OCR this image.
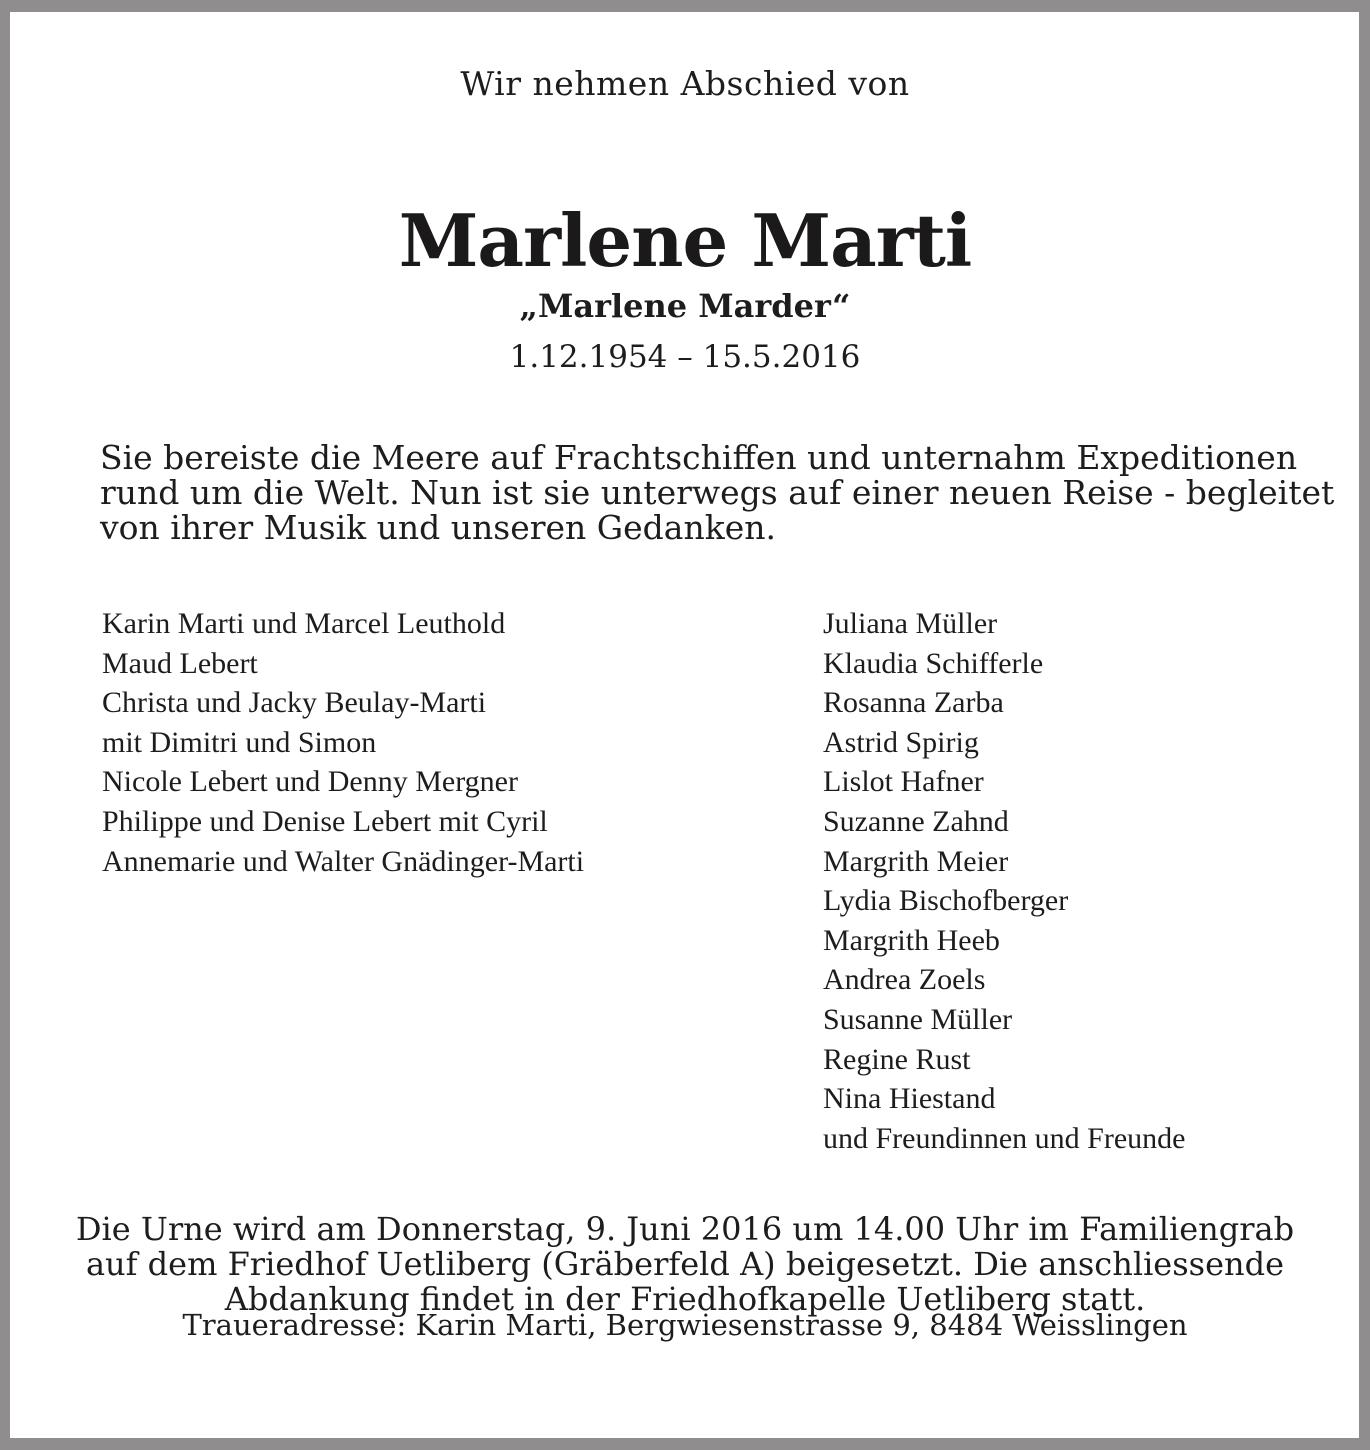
Wir nehmen Abschied von
Marlene Marti
„Marlene Marder“
1.12.1954 – 15.5.2016

Sie bereiste die Meere auf Frachtschiffen und unternahm Expeditionen
rund um die Welt. Nun ist sie unterwegs auf einer neuen Reise - begleitet
von ihrer Musik und unseren Gedanken.

Karin Marti und Marcel Leuthold
Maud Lebert
Christa und Jacky Beulay-Marti
mit Dimitri und Simon
Nicole Lebert und Denny Mergner
Philippe und Denise Lebert mit Cyril
Annemarie und Walter Gnädinger-Marti
Juliana Müller
Klaudia Schifferle
Rosanna Zarba
Astrid Spirig
Lislot Hafner
Suzanne Zahnd
Margrith Meier
Lydia Bischofberger
Margrith Heeb
Andrea Zoels
Susanne Müller
Regine Rust
Nina Hiestand
und Freundinnen und Freunde

Die Urne wird am Donnerstag, 9. Juni 2016 um 14.00 Uhr im Familiengrab
auf dem Friedhof Uetliberg (Gräberfeld A) beigesetzt. Die anschliessende
Abdankung findet in der Friedhofkapelle Uetliberg statt.

Traueradresse: Karin Marti, Bergwiesenstrasse 9, 8484 Weisslingen
